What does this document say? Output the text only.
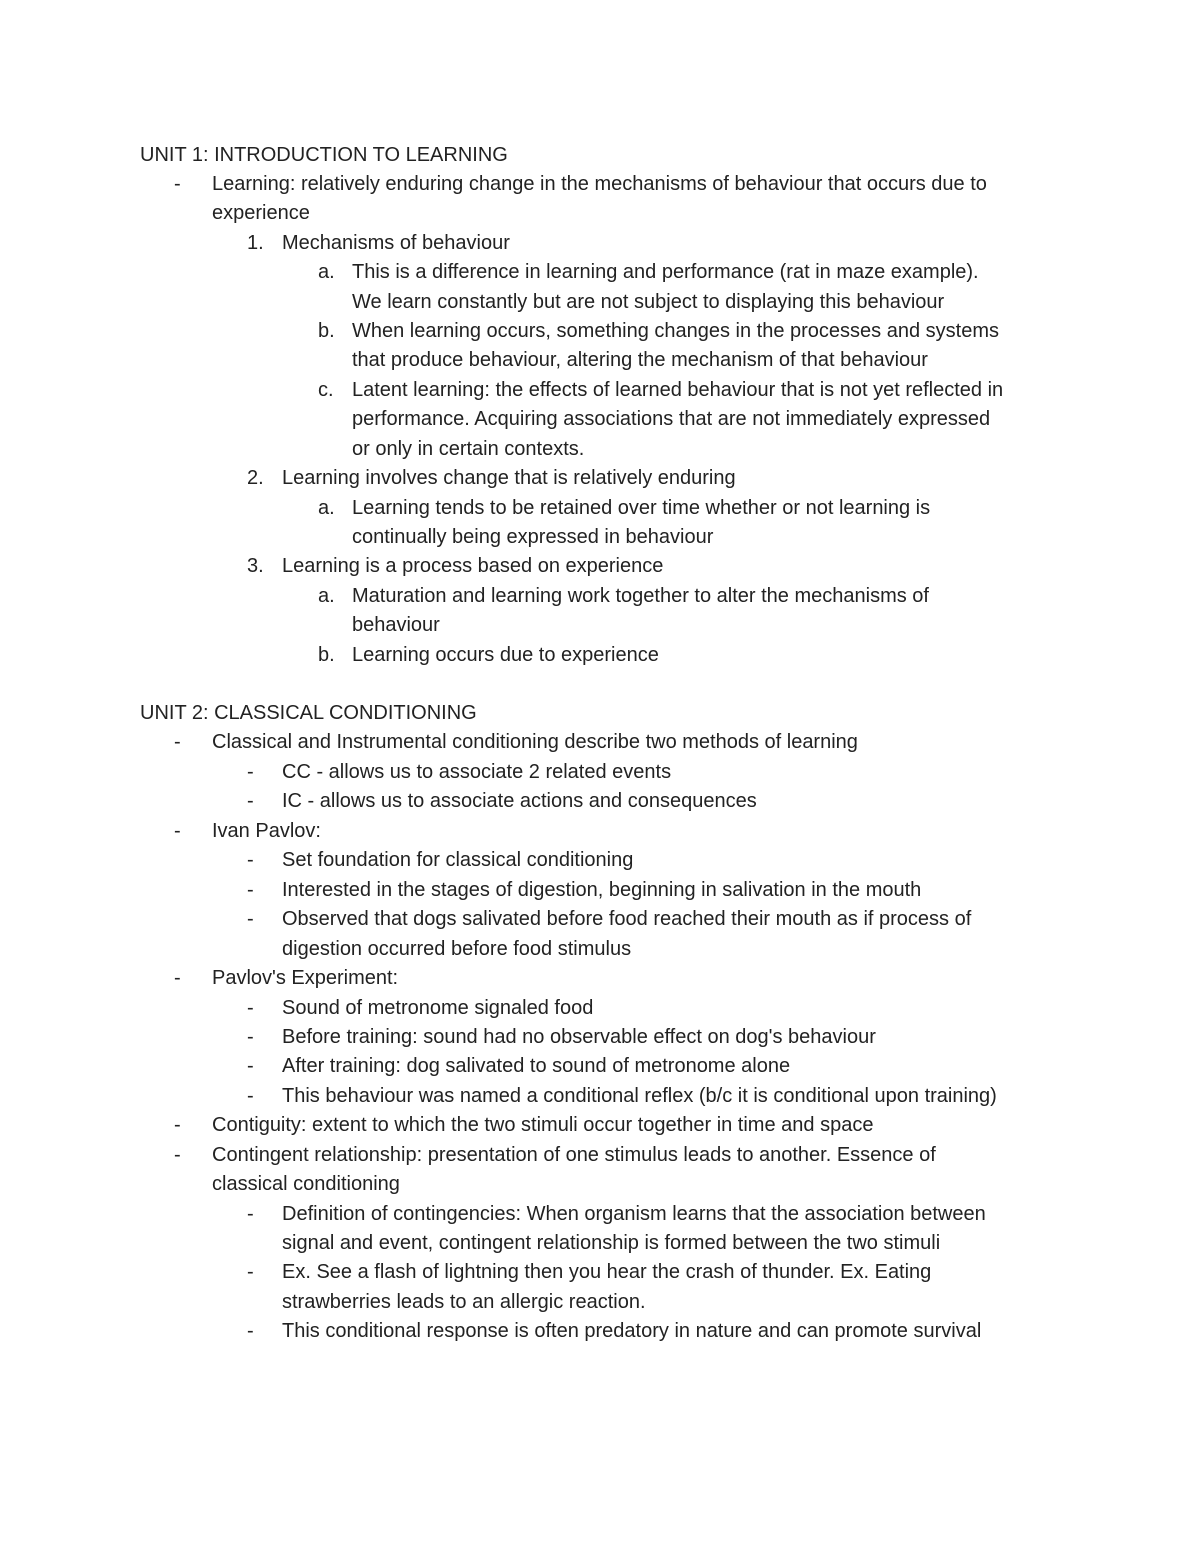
UNIT 1: INTRODUCTION TO LEARNING
- Learning: relatively enduring change in the mechanisms of behaviour that occurs due to
experience
1. Mechanisms of behaviour
a. This is a difference in learning and performance (rat in maze example).
We learn constantly but are not subject to displaying this behaviour
b. When learning occurs, something changes in the processes and systems
that produce behaviour, altering the mechanism of that behaviour
c. Latent learning: the effects of learned behaviour that is not yet reflected in
performance. Acquiring associations that are not immediately expressed
or only in certain contexts.
2. Learning involves change that is relatively enduring
a. Learning tends to be retained over time whether or not learning is
continually being expressed in behaviour
3. Learning is a process based on experience
a. Maturation and learning work together to alter the mechanisms of
behaviour
b. Learning occurs due to experience
UNIT 2: CLASSICAL CONDITIONING
- Classical and Instrumental conditioning describe two methods of learning
- CC - allows us to associate 2 related events
- IC - allows us to associate actions and consequences
- Ivan Pavlov:
- Set foundation for classical conditioning
- Interested in the stages of digestion, beginning in salivation in the mouth
- Observed that dogs salivated before food reached their mouth as if process of
digestion occurred before food stimulus
- Pavlov's Experiment:
- Sound of metronome signaled food
- Before training: sound had no observable effect on dog's behaviour
- After training: dog salivated to sound of metronome alone
- This behaviour was named a conditional reflex (b/c it is conditional upon training)
- Contiguity: extent to which the two stimuli occur together in time and space
- Contingent relationship: presentation of one stimulus leads to another. Essence of
classical conditioning
- Definition of contingencies: When organism learns that the association between
signal and event, contingent relationship is formed between the two stimuli
- Ex. See a flash of lightning then you hear the crash of thunder. Ex. Eating
strawberries leads to an allergic reaction.
- This conditional response is often predatory in nature and can promote survival
